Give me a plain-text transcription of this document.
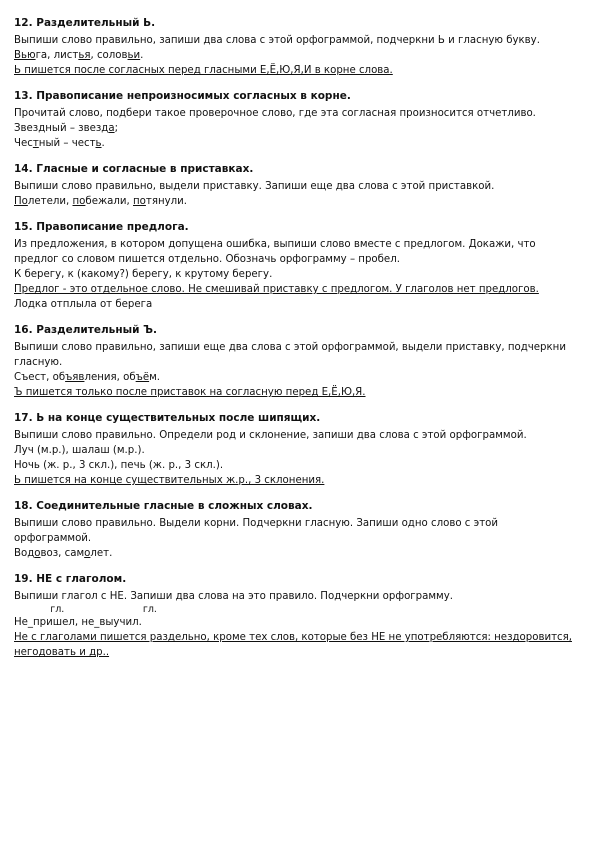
12. Разделительный Ь.
Выпиши слово правильно, запиши два слова с этой орфограммой, подчеркни Ь и гласную букву.
Вьюга, листья, соловьи.
Ь пишется после согласных перед гласными Е,Ё,Ю,Я,И в корне слова.
13. Правописание непроизносимых согласных в корне.
Прочитай слово, подбери такое проверочное слово, где эта согласная произносится отчетливо.
Звездный – звезда;
Честный – честь.
14. Гласные и согласные в приставках.
Выпиши слово правильно, выдели приставку. Запиши еще два слова с этой приставкой.
Полетели, побежали, потянули.
15. Правописание предлога.
Из предложения, в котором допущена ошибка, выпиши слово вместе с предлогом. Докажи, что предлог со словом пишется отдельно. Обозначь орфограмму – пробел.
К берегу, к (какому?) берегу, к крутому берегу.
Предлог - это отдельное слово. Не смешивай приставку с предлогом. У глаголов нет предлогов.
Лодка отплыла от берега
16. Разделительный Ъ.
Выпиши слово правильно, запиши еще два слова с этой орфограммой, выдели приставку, подчеркни гласную.
Съест, объявления, объём.
Ъ пишется только после приставок на согласную перед Е,Ё,Ю,Я.
17. Ь на конце существительных после шипящих.
Выпиши слово правильно. Определи род и склонение, запиши два слова с этой орфограммой.
Луч (м.р.), шалаш (м.р.).
Ночь (ж. р., 3 скл.), печь (ж. р., 3 скл.).
Ь пишется на конце существительных ж.р., 3 склонения.
18. Соединительные гласные в сложных словах.
Выпиши слово правильно. Выдели корни. Подчеркни гласную. Запиши одно слово с этой орфограммой.
Водовоз, самолет.
19. НЕ с глаголом.
Выпиши глагол с НЕ. Запиши два слова на это правило. Подчеркни орфограмму.
гл.                          гл.
Не_пришел, не_выучил.
Не с глаголами пишется раздельно, кроме тех слов, которые без НЕ не употребляются: нездоровится, негодовать и др..
